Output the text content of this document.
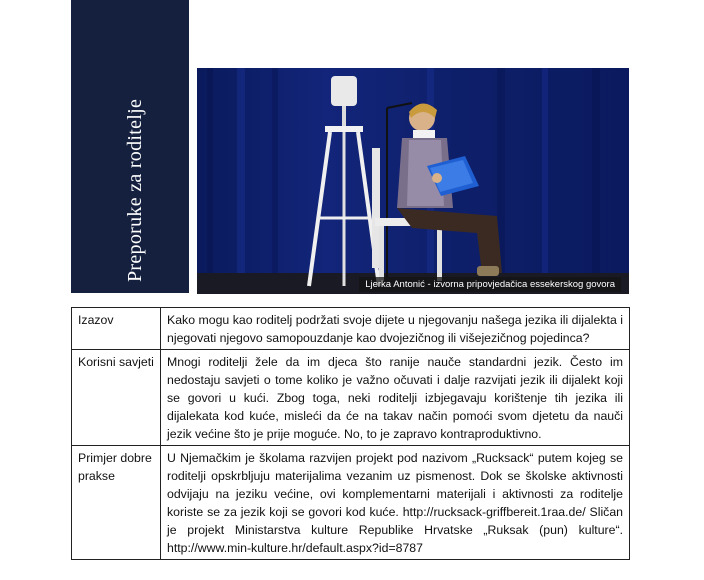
Preporuke za roditelje
Ljerka Antonić - izvorna pripovjedačica essekerskog govora
Izazov	Kako mogu kao roditelj podržati svoje dijete u njegovanju našega jezika ili dijalekta i njegovati njegovo samopouzdanje kao dvojezičnog ili višejezičnog pojedinca?
Korisni savjeti	Mnogi roditelji žele da im djeca što ranije nauče standardni jezik. Često im nedostaju savjeti o tome koliko je važno očuvati i dalje razvijati jezik ili dijalekt koji se govori u kući. Zbog toga, neki roditelji izbjegavaju korištenje tih jezika ili dijalekata kod kuće, misleći da će na takav način pomoći svom djetetu da nauči jezik većine što je prije moguće. No, to je zapravo kontraproduktivno.
Primjer dobre prakse	U Njemačkim je školama razvijen projekt pod nazivom „Rucksack“ putem kojeg se roditelji opskrbljuju materijalima vezanim uz pismenost. Dok se školske aktivnosti odvijaju na jeziku većine, ovi komplementarni materijali i aktivnosti za roditelje koriste se za jezik koji se govori kod kuće. http://rucksack-griffbereit.1raa.de/ Sličan je projekt Ministarstva kulture Republike Hrvatske „Ruksak (pun) kulture“. http://www.min-kulture.hr/default.aspx?id=8787
